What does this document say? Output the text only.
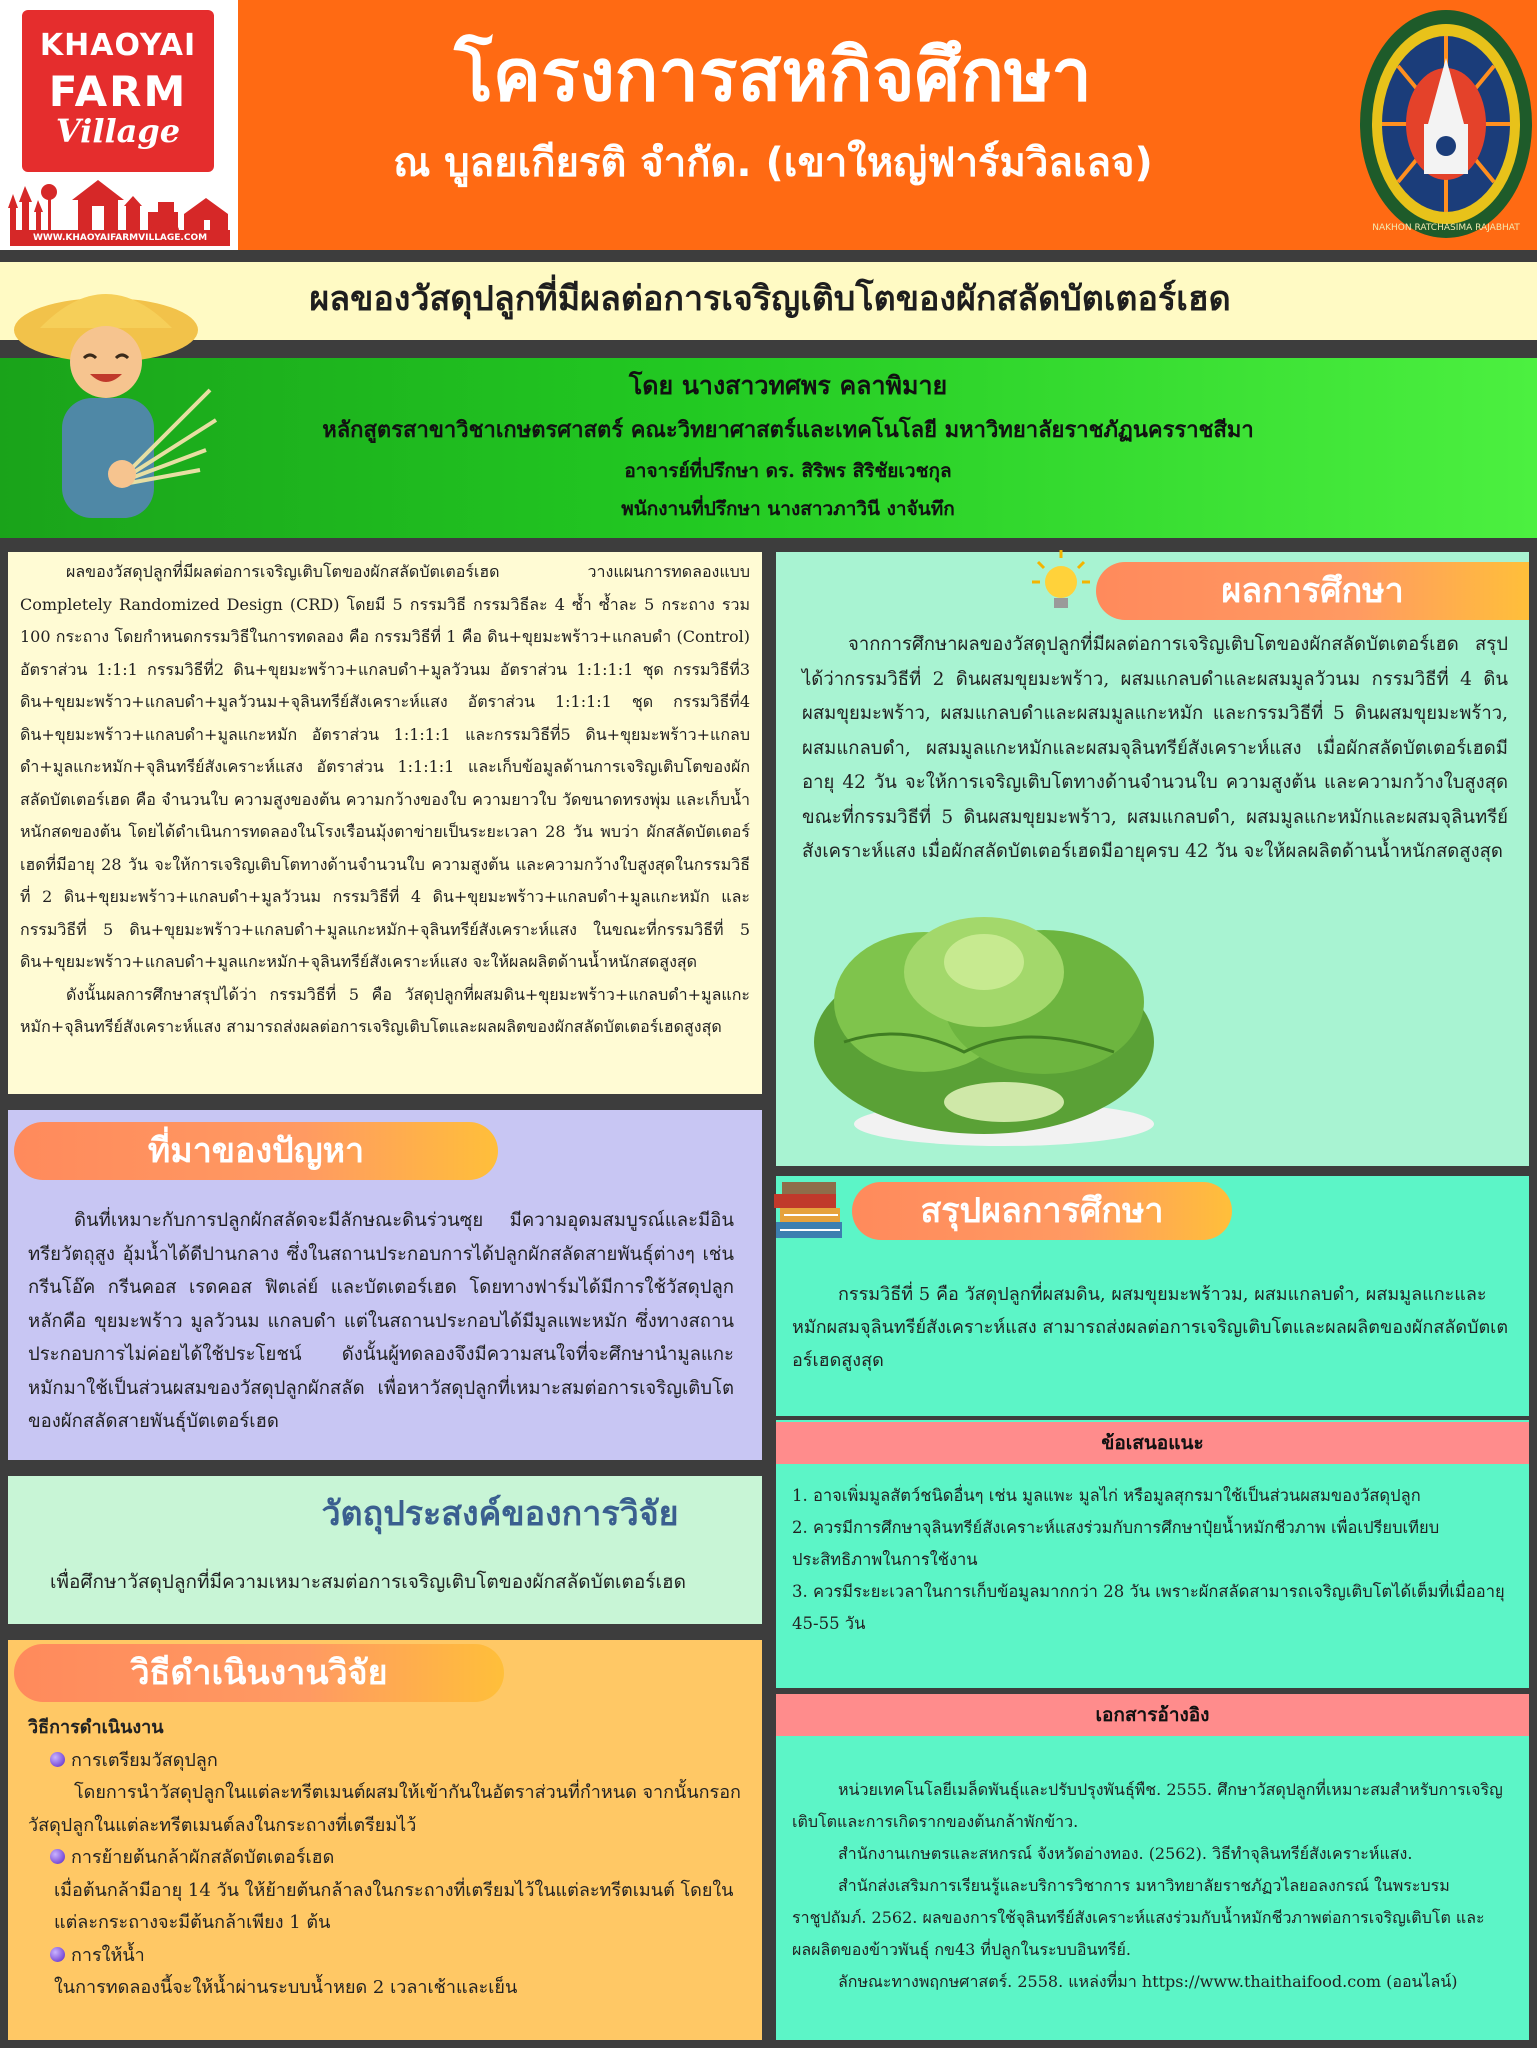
KHAOYAI
FARM
Village
WWW.KHAOYAIFARMVILLAGE.COM
โครงการสหกิจศึกษา
ณ บูลยเกียรติ จำกัด. (เขาใหญ่ฟาร์มวิลเลจ)
NAKHON RATCHASIMA RAJABHAT
ผลของวัสดุปลูกที่มีผลต่อการเจริญเติบโตของผักสลัดบัตเตอร์เฮด
โดย นางสาวทศพร คลาพิมาย
หลักสูตรสาขาวิชาเกษตรศาสตร์ คณะวิทยาศาสตร์และเทคโนโลยี มหาวิทยาลัยราชภัฏนครราชสีมา
อาจารย์ที่ปรึกษา ดร. สิริพร สิริชัยเวชกุล
พนักงานที่ปรึกษา นางสาวภาวินี งาจันทึก

ผลของวัสดุปลูกที่มีผลต่อการเจริญเติบโตของผักสลัดบัตเตอร์เฮด วางแผนการทดลองแบบ Completely Randomized Design (CRD) โดยมี 5 กรรมวิธี กรรมวิธีละ 4 ซ้ำ ซ้ำละ 5 กระถาง รวม 100 กระถาง โดยกำหนดกรรมวิธีในการทดลอง คือ กรรมวิธีที่ 1 คือ ดิน+ขุยมะพร้าว+แกลบดำ (Control) อัตราส่วน 1:1:1 กรรมวิธีที่2 ดิน+ขุยมะพร้าว+แกลบดำ+มูลวัวนม อัตราส่วน 1:1:1:1 ชุด กรรมวิธีที่3 ดิน+ขุยมะพร้าว+แกลบดำ+มูลวัวนม+จุลินทรีย์สังเคราะห์แสง อัตราส่วน 1:1:1:1 ชุด กรรมวิธีที่4 ดิน+ขุยมะพร้าว+แกลบดำ+มูลแกะหมัก อัตราส่วน 1:1:1:1 และกรรมวิธีที่5 ดิน+ขุยมะพร้าว+แกลบดำ+มูลแกะหมัก+จุลินทรีย์สังเคราะห์แสง อัตราส่วน 1:1:1:1 และเก็บข้อมูลด้านการเจริญเติบโตของผักสลัดบัตเตอร์เฮด คือ จำนวนใบ ความสูงของต้น ความกว้างของใบ ความยาวใบ วัดขนาดทรงพุ่ม และเก็บน้ำหนักสดของต้น โดยได้ดำเนินการทดลองในโรงเรือนมุ้งตาข่ายเป็นระยะเวลา 28 วัน พบว่า ผักสลัดบัตเตอร์เฮดที่มีอายุ 28 วัน จะให้การเจริญเติบโตทางด้านจำนวนใบ ความสูงต้น และความกว้างใบสูงสุดในกรรมวิธีที่ 2 ดิน+ขุยมะพร้าว+แกลบดำ+มูลวัวนม กรรมวิธีที่ 4 ดิน+ขุยมะพร้าว+แกลบดำ+มูลแกะหมัก และกรรมวิธีที่ 5 ดิน+ขุยมะพร้าว+แกลบดำ+มูลแกะหมัก+จุลินทรีย์สังเคราะห์แสง ในขณะที่กรรมวิธีที่ 5 ดิน+ขุยมะพร้าว+แกลบดำ+มูลแกะหมัก+จุลินทรีย์สังเคราะห์แสง จะให้ผลผลิตด้านน้ำหนักสดสูงสุด

ดังนั้นผลการศึกษาสรุปได้ว่า กรรมวิธีที่ 5 คือ วัสดุปลูกที่ผสมดิน+ขุยมะพร้าว+แกลบดำ+มูลแกะหมัก+จุลินทรีย์สังเคราะห์แสง สามารถส่งผลต่อการเจริญเติบโตและผลผลิตของผักสลัดบัตเตอร์เฮดสูงสุด

ผลการศึกษา

จากการศึกษาผลของวัสดุปลูกที่มีผลต่อการเจริญเติบโตของผักสลัดบัตเตอร์เฮด สรุปได้ว่ากรรมวิธีที่ 2 ดินผสมขุยมะพร้าว, ผสมแกลบดำและผสมมูลวัวนม กรรมวิธีที่ 4 ดินผสมขุยมะพร้าว, ผสมแกลบดำและผสมมูลแกะหมัก และกรรมวิธีที่ 5 ดินผสมขุยมะพร้าว, ผสมแกลบดำ, ผสมมูลแกะหมักและผสมจุลินทรีย์สังเคราะห์แสง เมื่อผักสลัดบัตเตอร์เฮดมีอายุ 42 วัน จะให้การเจริญเติบโตทางด้านจำนวนใบ ความสูงต้น และความกว้างใบสูงสุด ขณะที่กรรมวิธีที่ 5 ดินผสมขุยมะพร้าว, ผสมแกลบดำ, ผสมมูลแกะหมักและผสมจุลินทรีย์สังเคราะห์แสง เมื่อผักสลัดบัตเตอร์เฮดมีอายุครบ 42 วัน จะให้ผลผลิตด้านน้ำหนักสดสูงสุด

ที่มาของปัญหา

ดินที่เหมาะกับการปลูกผักสลัดจะมีลักษณะดินร่วนซุย มีความอุดมสมบูรณ์และมีอินทรียวัตถุสูง อุ้มน้ำได้ดีปานกลาง ซึ่งในสถานประกอบการได้ปลูกผักสลัดสายพันธุ์ต่างๆ เช่น กรีนโอ๊ค กรีนคอส เรดคอส ฟิตเล่ย์ และบัตเตอร์เฮด โดยทางฟาร์มได้มีการใช้วัสดุปลูกหลักคือ ขุยมะพร้าว มูลวัวนม แกลบดำ แต่ในสถานประกอบได้มีมูลแพะหมัก ซึ่งทางสถานประกอบการไม่ค่อยได้ใช้ประโยชน์ ดังนั้นผู้ทดลองจึงมีความสนใจที่จะศึกษานำมูลแกะหมักมาใช้เป็นส่วนผสมของวัสดุปลูกผักสลัด เพื่อหาวัสดุปลูกที่เหมาะสมต่อการเจริญเติบโตของผักสลัดสายพันธุ์บัตเตอร์เฮด

สรุปผลการศึกษา

กรรมวิธีที่ 5 คือ วัสดุปลูกที่ผสมดิน, ผสมขุยมะพร้าวม, ผสมแกลบดำ, ผสมมูลแกะและหมักผสมจุลินทรีย์สังเคราะห์แสง สามารถส่งผลต่อการเจริญเติบโตและผลผลิตของผักสลัดบัตเตอร์เฮดสูงสุด

วัตถุประสงค์ของการวิจัย

เพื่อศึกษาวัสดุปลูกที่มีความเหมาะสมต่อการเจริญเติบโตของผักสลัดบัตเตอร์เฮด

ข้อเสนอแนะ
1. อาจเพิ่มมูลสัตว์ชนิดอื่นๆ เช่น มูลแพะ มูลไก่ หรือมูลสุกรมาใช้เป็นส่วนผสมของวัสดุปลูก
2. ควรมีการศึกษาจุลินทรีย์สังเคราะห์แสงร่วมกับการศึกษาปุ๋ยน้ำหมักชีวภาพ เพื่อเปรียบเทียบประสิทธิภาพในการใช้งาน
3. ควรมีระยะเวลาในการเก็บข้อมูลมากกว่า 28 วัน เพราะผักสลัดสามารถเจริญเติบโตได้เต็มที่เมื่ออายุ 45-55 วัน
วิธีดำเนินงานวิจัย
วิธีการดำเนินงาน
การเตรียมวัสดุปลูก
โดยการนำวัสดุปลูกในแต่ละทรีตเมนต์ผสมให้เข้ากันในอัตราส่วนที่กำหนด จากนั้นกรอกวัสดุปลูกในแต่ละทรีตเมนต์ลงในกระถางที่เตรียมไว้
การย้ายต้นกล้าผักสลัดบัตเตอร์เฮด
เมื่อต้นกล้ามีอายุ 14 วัน ให้ย้ายต้นกล้าลงในกระถางที่เตรียมไว้ในแต่ละทรีตเมนต์ โดยในแต่ละกระถางจะมีต้นกล้าเพียง 1 ต้น
การให้น้ำ
ในการทดลองนี้จะให้น้ำผ่านระบบน้ำหยด 2 เวลาเช้าและเย็น
เอกสารอ้างอิง
หน่วยเทคโนโลยีเมล็ดพันธุ์และปรับปรุงพันธุ์พืช. 2555. ศึกษาวัสดุปลูกที่เหมาะสมสำหรับการเจริญเติบโตและการเกิดรากของต้นกล้าพักข้าว.
สำนักงานเกษตรและสหกรณ์ จังหวัดอ่างทอง. (2562). วิธีทำจุลินทรีย์สังเคราะห์แสง.
สำนักส่งเสริมการเรียนรู้และบริการวิชาการ มหาวิทยาลัยราชภัฏวไลยอลงกรณ์ ในพระบรมราชูปถัมภ์. 2562. ผลของการใช้จุลินทรีย์สังเคราะห์แสงร่วมกับน้ำหมักชีวภาพต่อการเจริญเติบโต และผลผลิตของข้าวพันธุ์ กข43 ที่ปลูกในระบบอินทรีย์.
ลักษณะทางพฤกษศาสตร์. 2558. แหล่งที่มา https://www.thaithaifood.com (ออนไลน์)
